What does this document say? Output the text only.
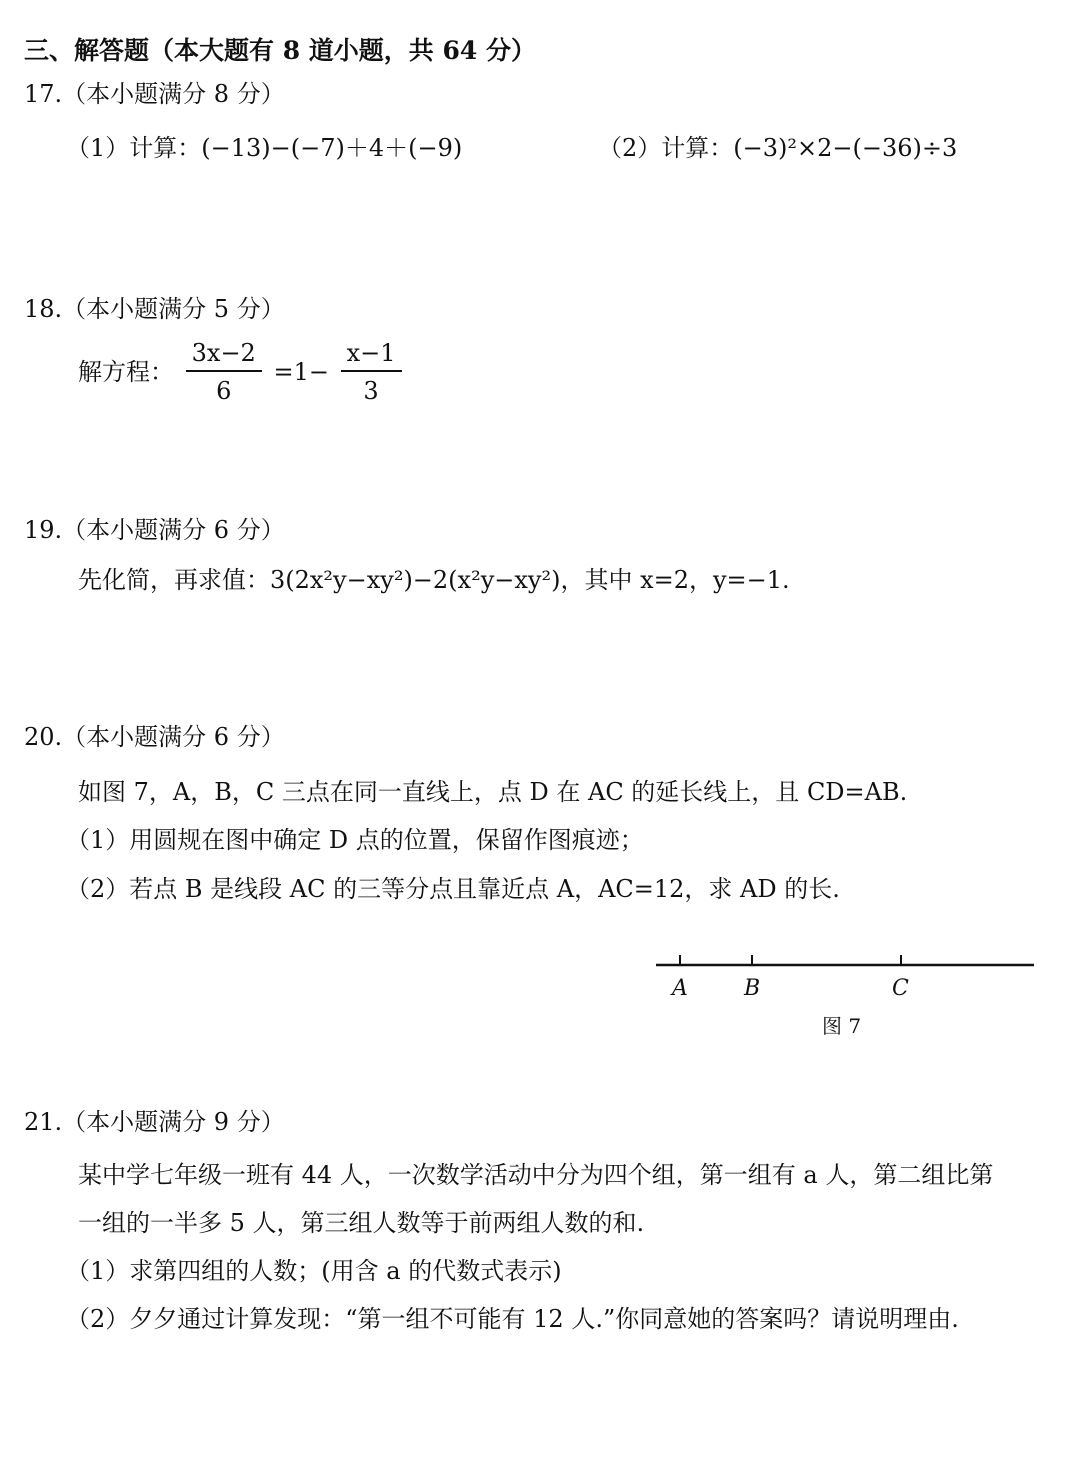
三、解答题（本大题有 8 道小题，共 64 分）
17.（本小题满分 8 分）
（1）计算：(−13)−(−7)＋4＋(−9)	（2）计算：(−3)²×2−(−36)÷3
18.（本小题满分 5 分）
解方程： $\frac{3x-2}{6} =1- \frac{x-1}{3}$
19.（本小题满分 6 分）
先化简，再求值：3(2x²y−xy²)−2(x²y−xy²)，其中 x=2，y=−1.
20.（本小题满分 6 分）
如图 7，A，B，C 三点在同一直线上，点 D 在 AC 的延长线上，且 CD=AB.
（1）用圆规在图中确定 D 点的位置，保留作图痕迹；
（2）若点 B 是线段 AC 的三等分点且靠近点 A，AC=12，求 AD 的长.
A	B	C
图 7
21.（本小题满分 9 分）
某中学七年级一班有 44 人，一次数学活动中分为四个组，第一组有 a 人，第二组比第
一组的一半多 5 人，第三组人数等于前两组人数的和.
（1）求第四组的人数；(用含 a 的代数式表示)
（2）夕夕通过计算发现：“第一组不可能有 12 人.”你同意她的答案吗？请说明理由.
